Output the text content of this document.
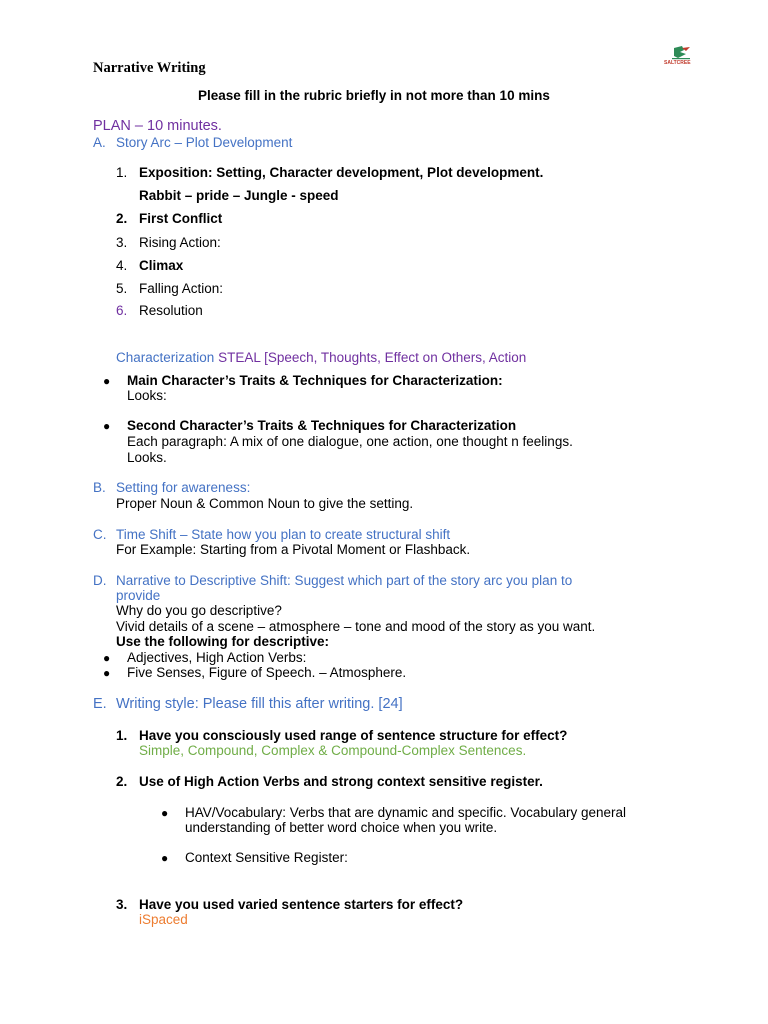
Narrative Writing	SALTCREE
Please fill in the rubric briefly in not more than 10 mins
PLAN – 10 minutes.
A. Story Arc – Plot Development
1. Exposition: Setting, Character development, Plot development.
Rabbit – pride – Jungle - speed
2. First Conflict
3. Rising Action:
4. Climax
5. Falling Action:
6. Resolution
Characterization STEAL [Speech, Thoughts, Effect on Others, Action
● Main Character’s Traits & Techniques for Characterization:
Looks:
● Second Character’s Traits & Techniques for Characterization
Each paragraph: A mix of one dialogue, one action, one thought n feelings.
Looks.
B. Setting for awareness:
Proper Noun & Common Noun to give the setting.
C. Time Shift – State how you plan to create structural shift
For Example: Starting from a Pivotal Moment or Flashback.
D. Narrative to Descriptive Shift: Suggest which part of the story arc you plan to
provide
Why do you go descriptive?
Vivid details of a scene – atmosphere – tone and mood of the story as you want.
Use the following for descriptive:
● Adjectives, High Action Verbs:
● Five Senses, Figure of Speech. – Atmosphere.
E. Writing style: Please fill this after writing. [24]
1. Have you consciously used range of sentence structure for effect?
Simple, Compound, Complex & Compound-Complex Sentences.
2. Use of High Action Verbs and strong context sensitive register.
● HAV/Vocabulary: Verbs that are dynamic and specific. Vocabulary general
understanding of better word choice when you write.
● Context Sensitive Register:
3. Have you used varied sentence starters for effect?
iSpaced
